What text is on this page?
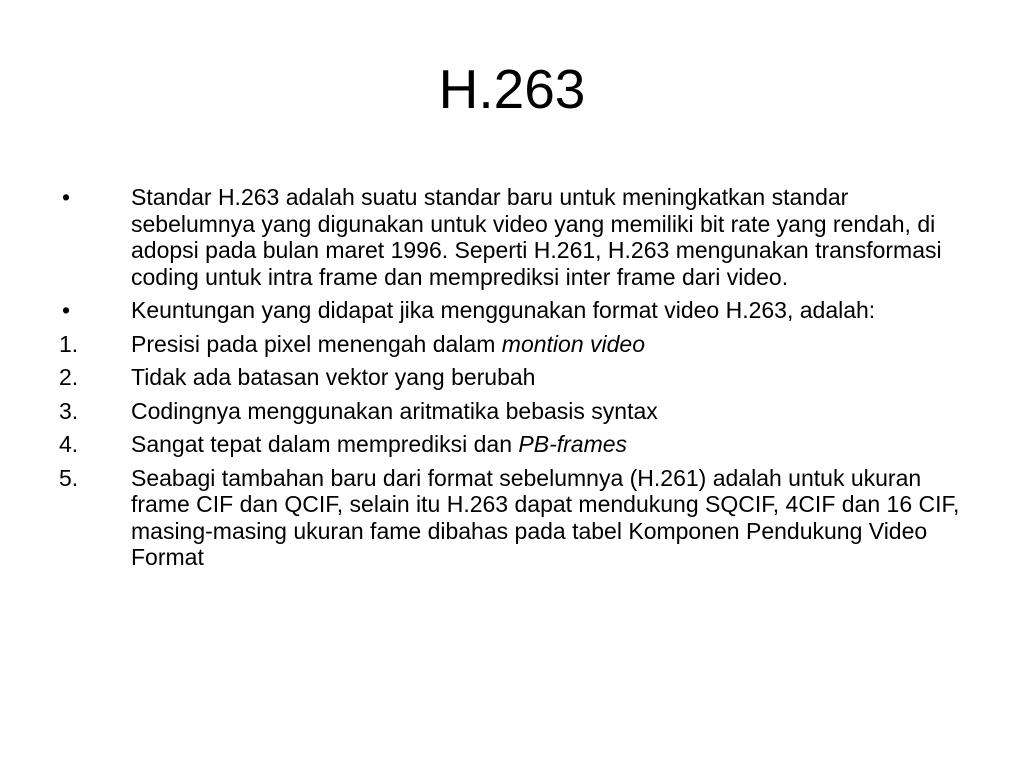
H.263
•	Standar H.263 adalah suatu standar baru untuk meningkatkan standar sebelumnya yang digunakan untuk video yang memiliki bit rate yang rendah, di adopsi pada bulan maret 1996. Seperti H.261, H.263 mengunakan transformasi coding untuk intra frame dan memprediksi inter frame dari video.
•	Keuntungan yang didapat jika menggunakan format video H.263, adalah:
1.	Presisi pada pixel menengah dalam montion video
2.	Tidak ada batasan vektor yang berubah
3.	Codingnya menggunakan aritmatika bebasis syntax
4.	Sangat tepat dalam memprediksi dan PB-frames
5.	Seabagi tambahan baru dari format sebelumnya (H.261) adalah untuk ukuran frame CIF dan QCIF, selain itu H.263 dapat mendukung SQCIF, 4CIF dan 16 CIF, masing-masing ukuran fame dibahas pada tabel Komponen Pendukung Video Format
